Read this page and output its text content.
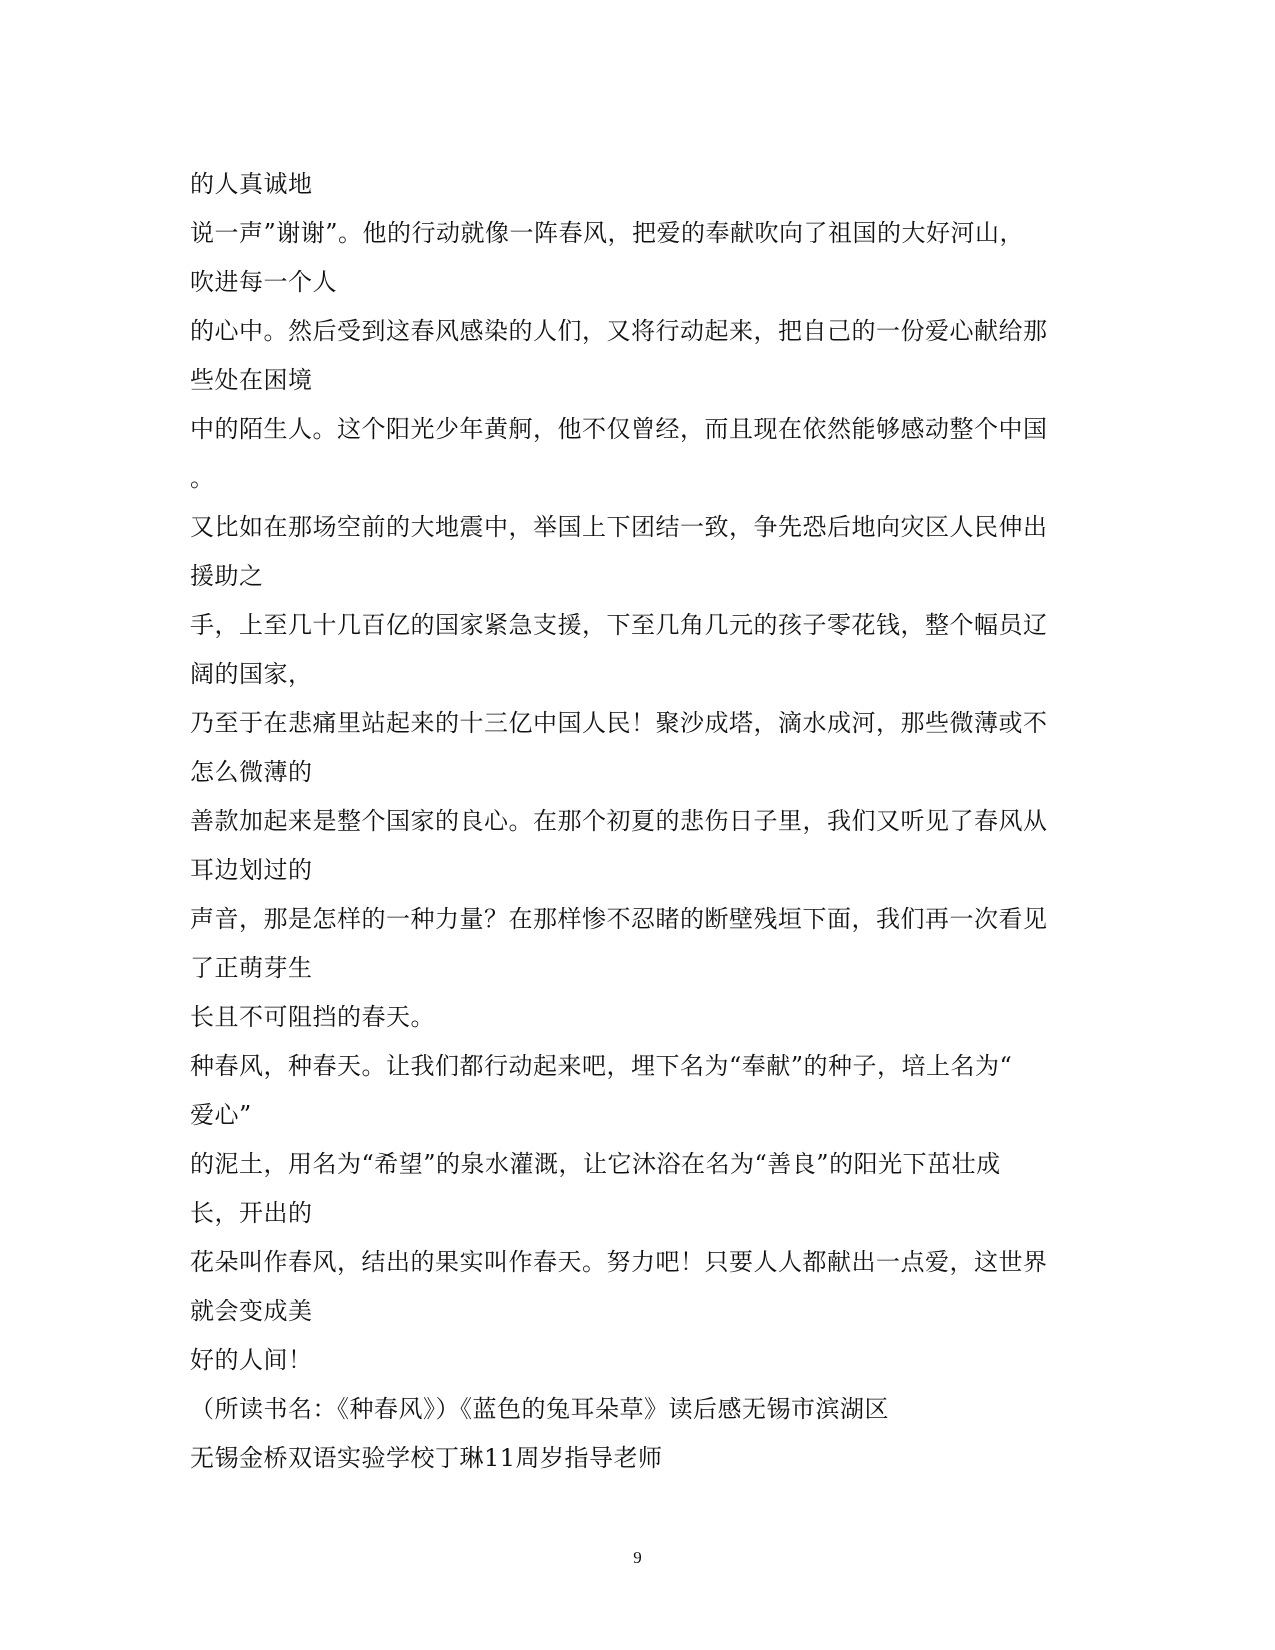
的人真诚地
说一声”谢谢”。他的行动就像一阵春风，把爱的奉献吹向了祖国的大好河山，
吹进每一个人
的心中。然后受到这春风感染的人们，又将行动起来，把自己的一份爱心献给那
些处在困境
中的陌生人。这个阳光少年黄舸，他不仅曾经，而且现在依然能够感动整个中国
。
又比如在那场空前的大地震中，举国上下团结一致，争先恐后地向灾区人民伸出
援助之
手，上至几十几百亿的国家紧急支援，下至几角几元的孩子零花钱，整个幅员辽
阔的国家，
乃至于在悲痛里站起来的十三亿中国人民！聚沙成塔，滴水成河，那些微薄或不
怎么微薄的
善款加起来是整个国家的良心。在那个初夏的悲伤日子里，我们又听见了春风从
耳边划过的
声音，那是怎样的一种力量？在那样惨不忍睹的断壁残垣下面，我们再一次看见
了正萌芽生
长且不可阻挡的春天。
种春风，种春天。让我们都行动起来吧，埋下名为“奉献”的种子，培上名为“
爱心”
的泥土，用名为“希望”的泉水灌溉，让它沐浴在名为“善良”的阳光下茁壮成
长，开出的
花朵叫作春风，结出的果实叫作春天。努力吧！只要人人都献出一点爱，这世界
就会变成美
好的人间！
（所读书名：《种春风》）《蓝色的兔耳朵草》读后感无锡市滨湖区
无锡金桥双语实验学校丁琳11周岁指导老师
9
